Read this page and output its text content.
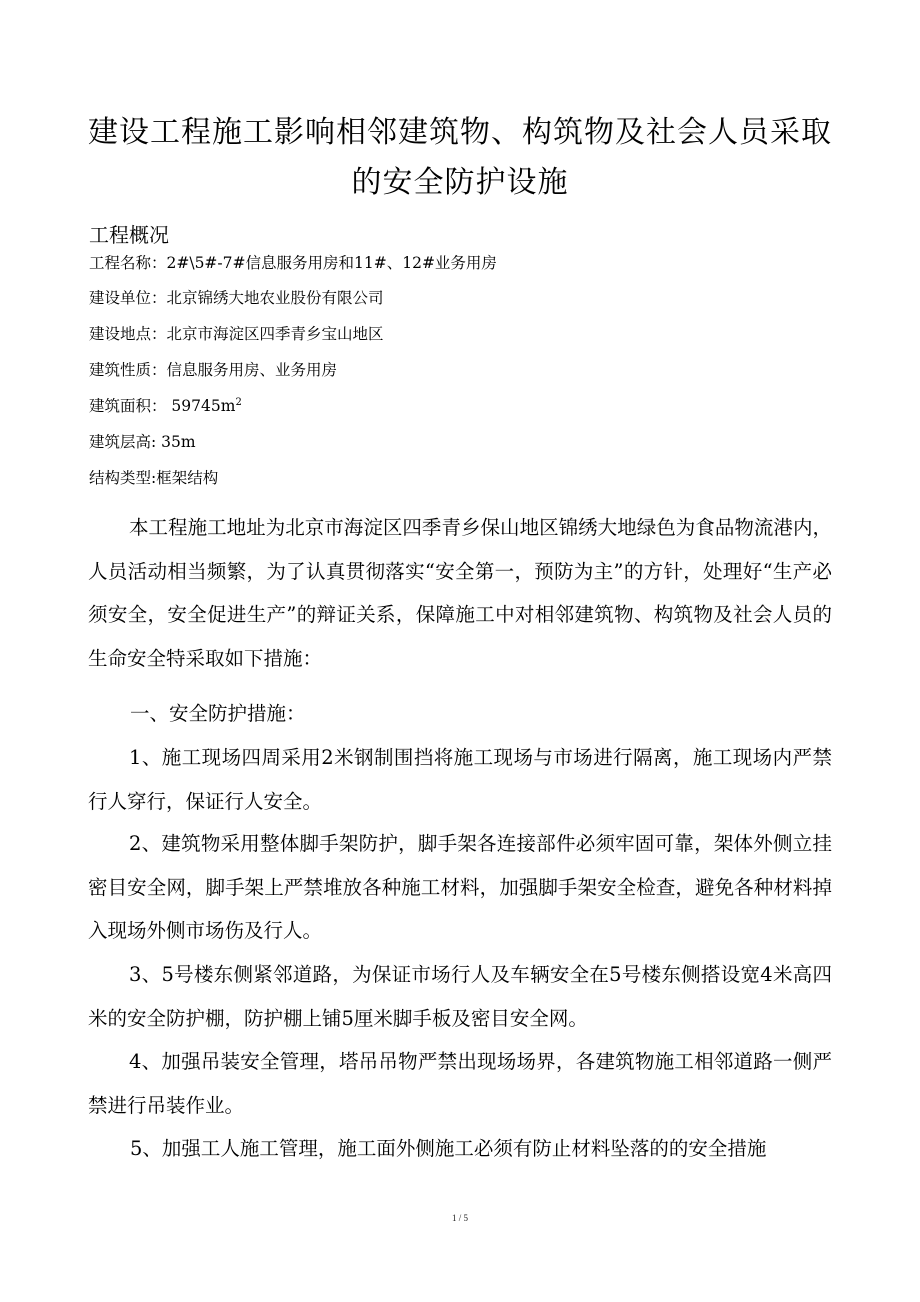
建设工程施工影响相邻建筑物、构筑物及社会人员采取
的安全防护设施
工程概况
工程名称：2#\5#-7#信息服务用房和11#、12#业务用房
建设单位：北京锦绣大地农业股份有限公司
建设地点：北京市海淀区四季青乡宝山地区
建筑性质：信息服务用房、业务用房
建筑面积： $59745m^2$
建筑层高: 35m
结构类型:框架结构
本工程施工地址为北京市海淀区四季青乡保山地区锦绣大地绿色为食品物流港内，人员活动相当频繁，为了认真贯彻落实“安全第一，预防为主”的方针，处理好“生产必须安全，安全促进生产”的辩证关系，保障施工中对相邻建筑物、构筑物及社会人员的生命安全特采取如下措施：
一、安全防护措施：
1、施工现场四周采用2米钢制围挡将施工现场与市场进行隔离，施工现场内严禁行人穿行，保证行人安全。
2、建筑物采用整体脚手架防护，脚手架各连接部件必须牢固可靠，架体外侧立挂密目安全网，脚手架上严禁堆放各种施工材料，加强脚手架安全检查，避免各种材料掉入现场外侧市场伤及行人。
3、5号楼东侧紧邻道路，为保证市场行人及车辆安全在5号楼东侧搭设宽4米高四米的安全防护棚，防护棚上铺5厘米脚手板及密目安全网。
4、加强吊装安全管理，塔吊吊物严禁出现场场界，各建筑物施工相邻道路一侧严禁进行吊装作业。
5、加强工人施工管理，施工面外侧施工必须有防止材料坠落的的安全措施
1 / 5
